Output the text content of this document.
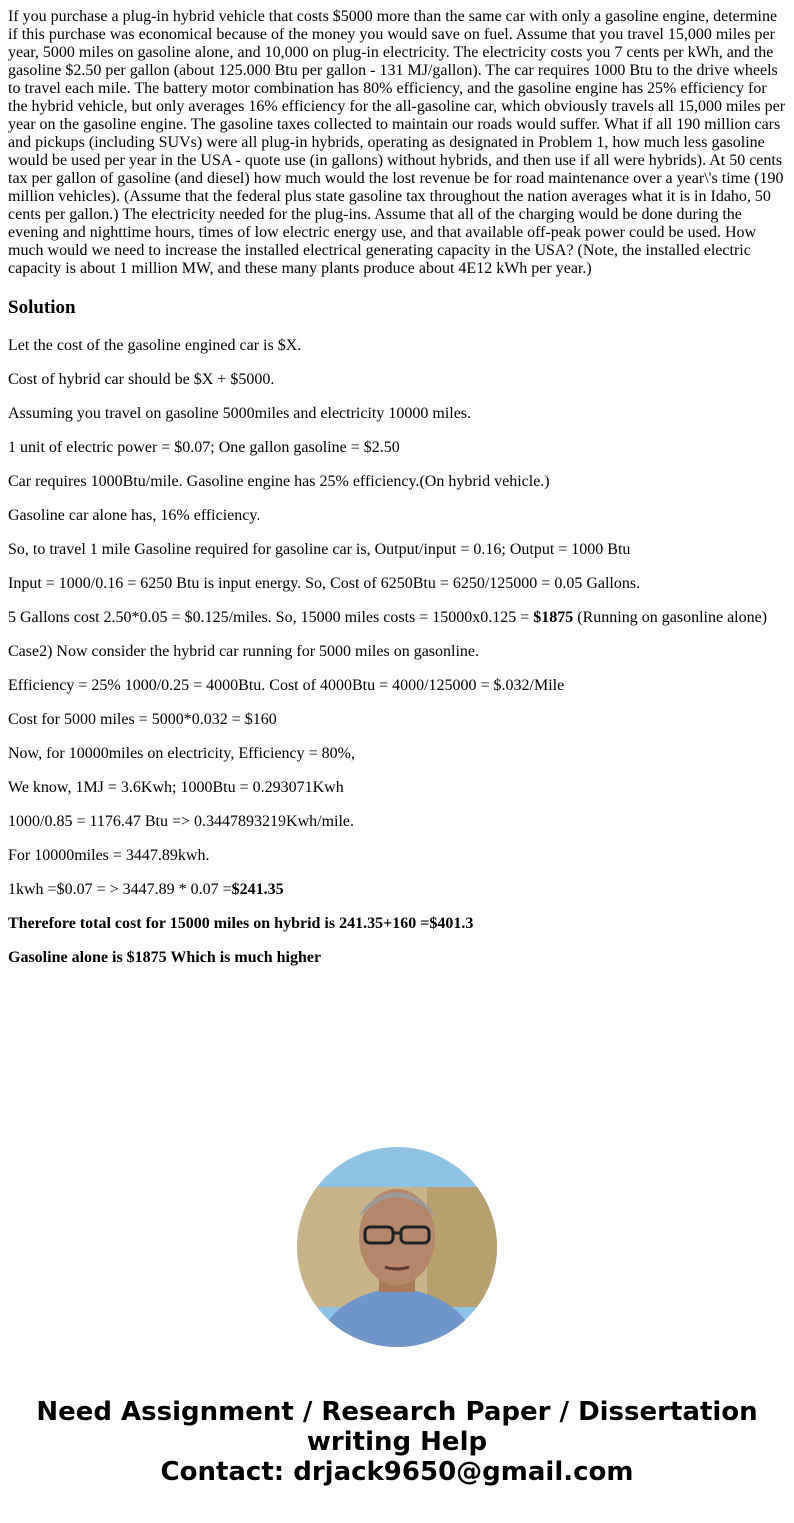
If you purchase a plug-in hybrid vehicle that costs $5000 more than the same car with only a gasoline engine, determine if this purchase was economical because of the money you would save on fuel. Assume that you travel 15,000 miles per year, 5000 miles on gasoline alone, and 10,000 on plug-in electricity. The electricity costs you 7 cents per kWh, and the gasoline $2.50 per gallon (about 125.000 Btu per gallon - 131 MJ/gallon). The car requires 1000 Btu to the drive wheels to travel each mile. The battery motor combination has 80% efficiency, and the gasoline engine has 25% efficiency for the hybrid vehicle, but only averages 16% efficiency for the all-gasoline car, which obviously travels all 15,000 miles per year on the gasoline engine. The gasoline taxes collected to maintain our roads would suffer. What if all 190 million cars and pickups (including SUVs) were all plug-in hybrids, operating as designated in Problem 1, how much less gasoline would be used per year in the USA - quote use (in gallons) without hybrids, and then use if all were hybrids). At 50 cents tax per gallon of gasoline (and diesel) how much would the lost revenue be for road maintenance over a year\'s time (190 million vehicles). (Assume that the federal plus state gasoline tax throughout the nation averages what it is in Idaho, 50 cents per gallon.) The electricity needed for the plug-ins. Assume that all of the charging would be done during the evening and nighttime hours, times of low electric energy use, and that available off-peak power could be used. How much would we need to increase the installed electrical generating capacity in the USA? (Note, the installed electric capacity is about 1 million MW, and these many plants produce about 4E12 kWh per year.)

Solution

Let the cost of the gasoline engined car is $X.

Cost of hybrid car should be $X + $5000.

Assuming you travel on gasoline 5000miles and electricity 10000 miles.

1 unit of electric power = $0.07; One gallon gasoline = $2.50

Car requires 1000Btu/mile. Gasoline engine has 25% efficiency.(On hybrid vehicle.)

Gasoline car alone has, 16% efficiency.

So, to travel 1 mile Gasoline required for gasoline car is, Output/input = 0.16; Output = 1000 Btu

Input = 1000/0.16 = 6250 Btu is input energy. So, Cost of 6250Btu = 6250/125000 = 0.05 Gallons.

5 Gallons cost 2.50*0.05 = $0.125/miles. So, 15000 miles costs = 15000x0.125 = $1875 (Running on gasonline alone)

Case2) Now consider the hybrid car running for 5000 miles on gasonline.

Efficiency = 25% 1000/0.25 = 4000Btu. Cost of 4000Btu = 4000/125000 = $.032/Mile

Cost for 5000 miles = 5000*0.032 = $160

Now, for 10000miles on electricity, Efficiency = 80%,

We know, 1MJ = 3.6Kwh; 1000Btu = 0.293071Kwh

1000/0.85 = 1176.47 Btu => 0.3447893219Kwh/mile.

For 10000miles = 3447.89kwh.

1kwh =$0.07 = > 3447.89 * 0.07 =$241.35

Therefore total cost for 15000 miles on hybrid is 241.35+160 =$401.3

Gasoline alone is $1875 Which is much higher

Need Assignment / Research Paper / Dissertation writing Help
Contact: drjack9650@gmail.com
